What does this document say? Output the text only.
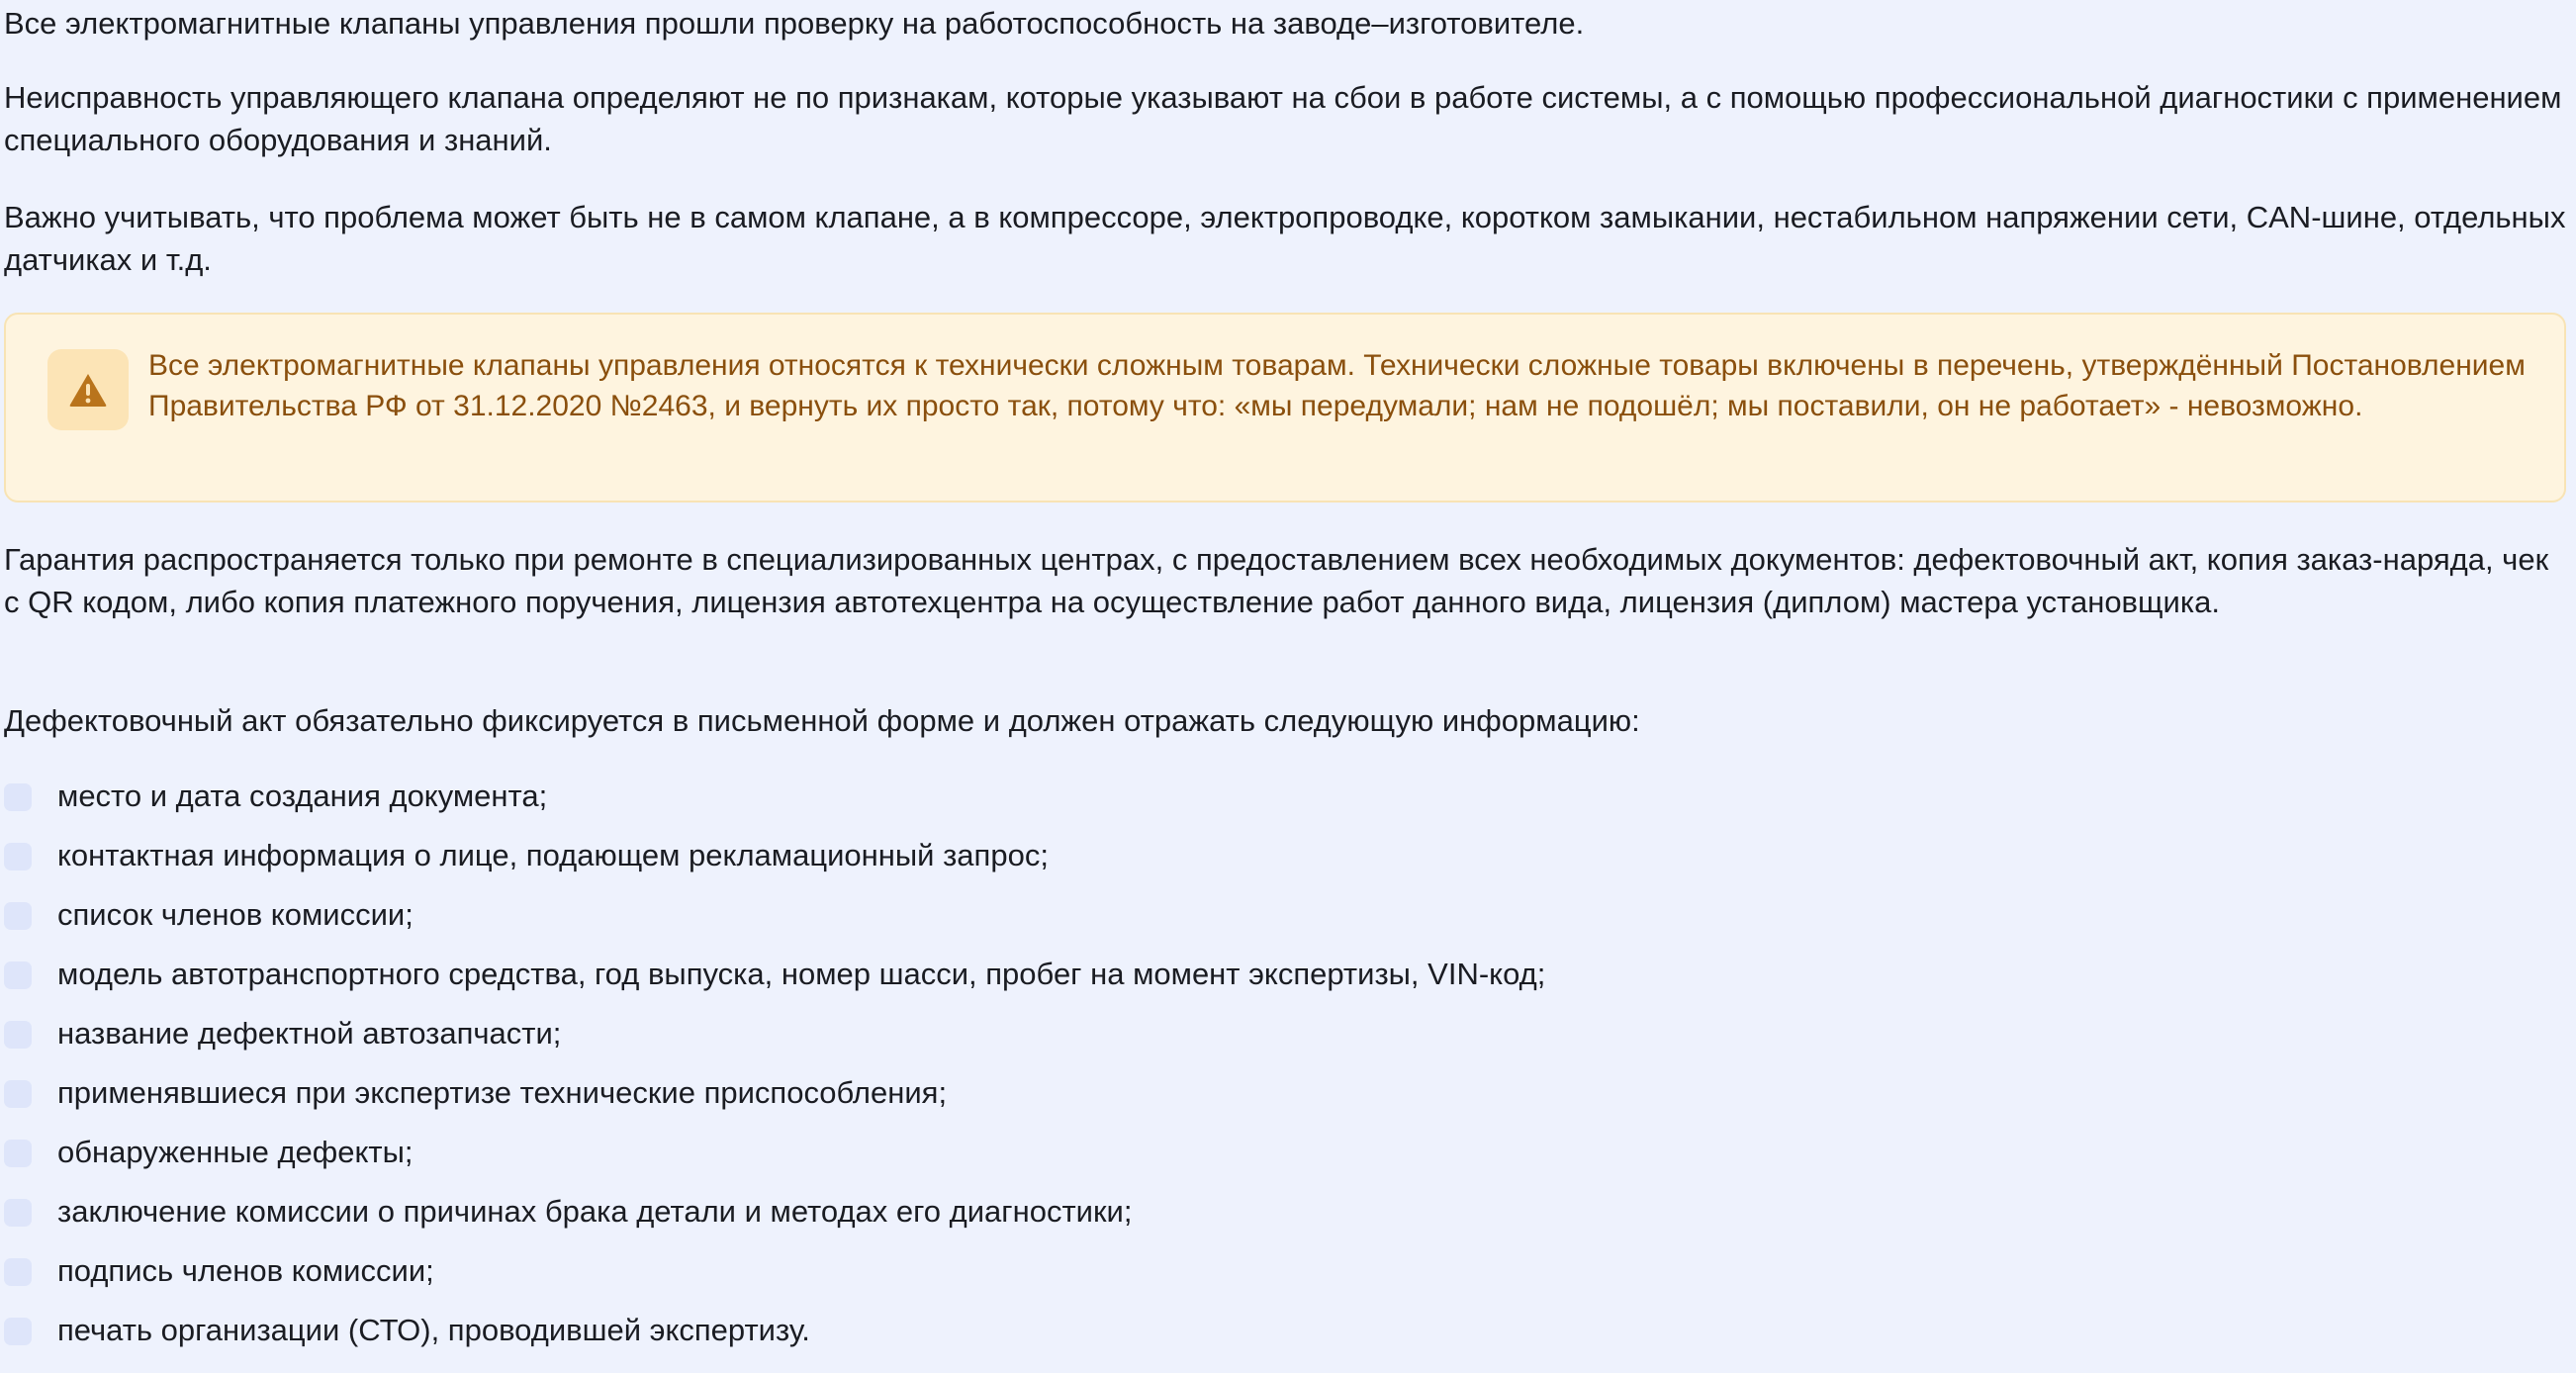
Все электромагнитные клапаны управления прошли проверку на работоспособность на заводе–изготовителе.

Неисправность управляющего клапана определяют не по признакам, которые указывают на сбои в работе системы, а с помощью профессиональной диагностики с применением специального оборудования и знаний.

Важно учитывать, что проблема может быть не в самом клапане, а в компрессоре, электропроводке, коротком замыкании, нестабильном напряжении сети, CAN-шине, отдельных датчиках и т.д.

Все электромагнитные клапаны управления относятся к технически сложным товарам. Технически сложные товары включены в перечень, утверждённый Постановлением Правительства РФ от 31.12.2020 №2463, и вернуть их просто так, потому что: «мы передумали; нам не подошёл; мы поставили, он не работает» - невозможно.

Гарантия распространяется только при ремонте в специализированных центрах, с предоставлением всех необходимых документов: дефектовочный акт, копия заказ-наряда, чек с QR кодом, либо копия платежного поручения, лицензия автотехцентра на осуществление работ данного вида, лицензия (диплом) мастера установщика.

Дефектовочный акт обязательно фиксируется в письменной форме и должен отражать следующую информацию:

место и дата создания документа;
контактная информация о лице, подающем рекламационный запрос;
список членов комиссии;
модель автотранспортного средства, год выпуска, номер шасси, пробег на момент экспертизы, VIN-код;
название дефектной автозапчасти;
применявшиеся при экспертизе технические приспособления;
обнаруженные дефекты;
заключение комиссии о причинах брака детали и методах его диагностики;
подпись членов комиссии;
печать организации (СТО), проводившей экспертизу.
